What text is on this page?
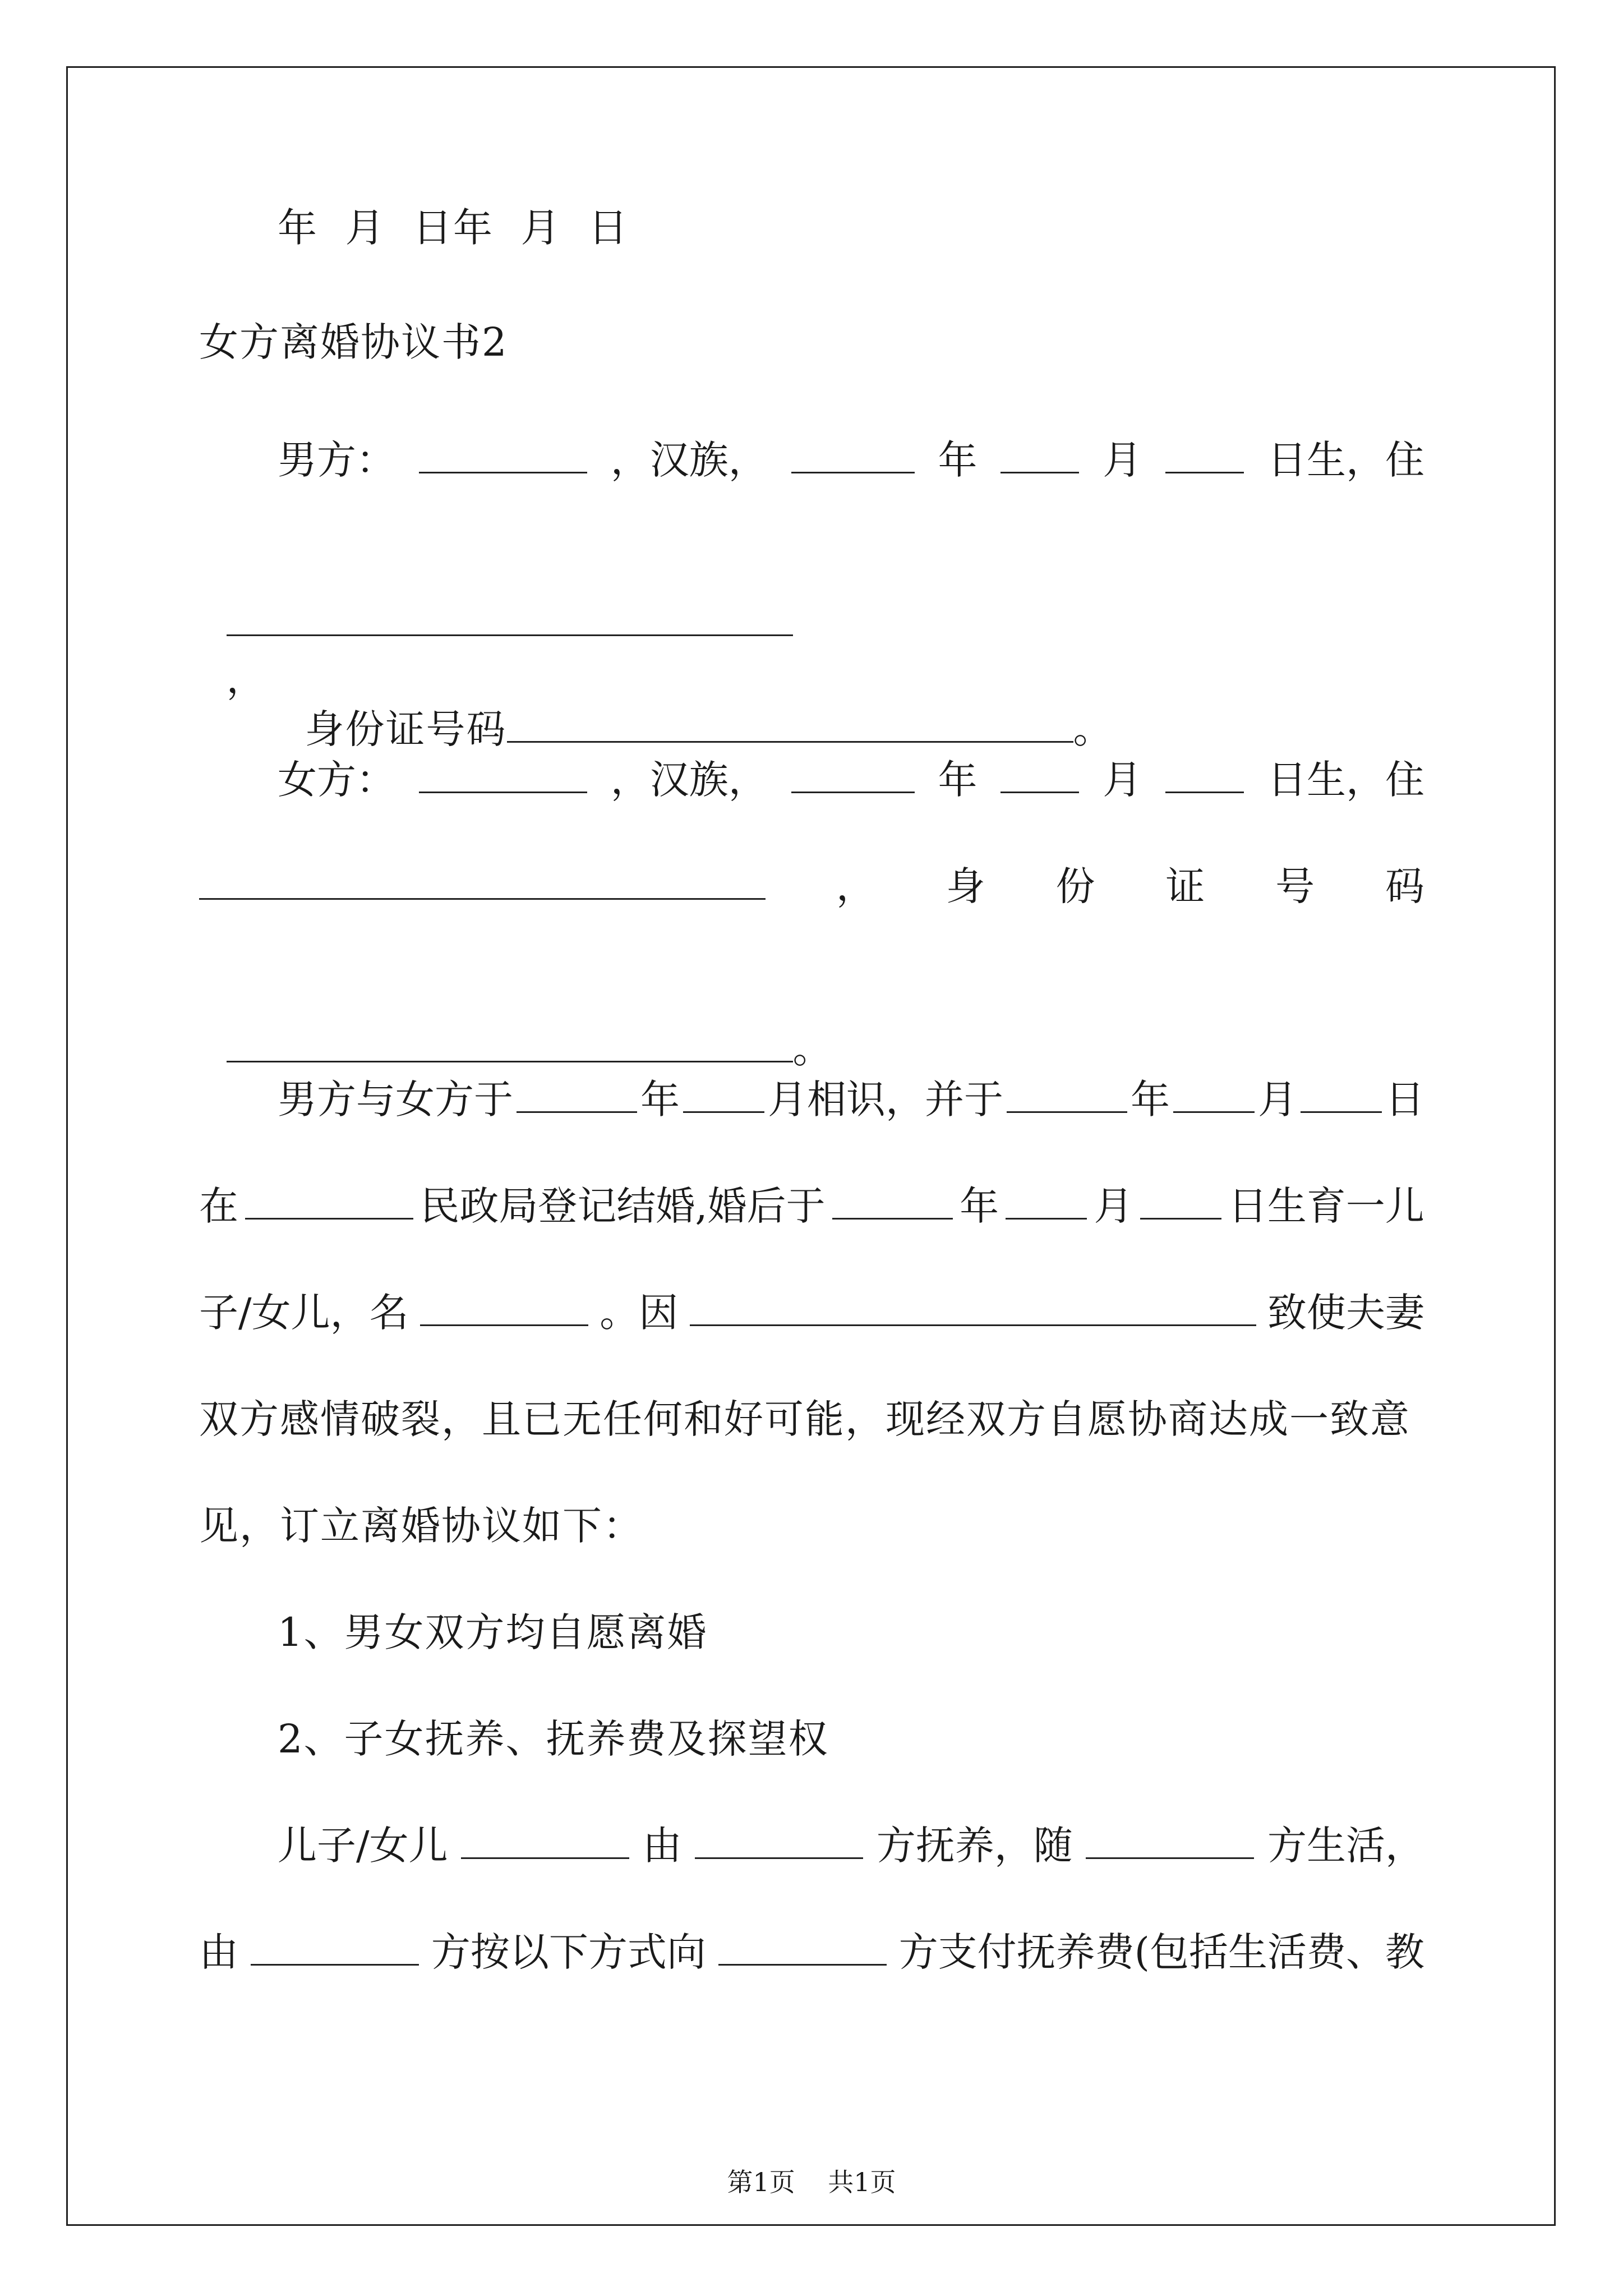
年  月  日年  月  日
女方离婚协议书2
男方：	，汉族，	年	月	日生，住

，

身份证号码	。

女方：	，汉族，	年	月	日生，住
， 身 份 证 号 码

。

男方与女方于	年 月相识，并于	年 月 日
在	民政局登记结婚,婚后于	年 月 日生育一儿
子/女儿，名	。因	致使夫妻
双方感情破裂，且已无任何和好可能，现经双方自愿协商达成一致意
见，订立离婚协议如下：
1、男女双方均自愿离婚
2、子女抚养、抚养费及探望权
儿子/女儿	由	方抚养，随	方生活，
由	方按以下方式向	方支付抚养费(包括生活费、教
第1页    共1页
